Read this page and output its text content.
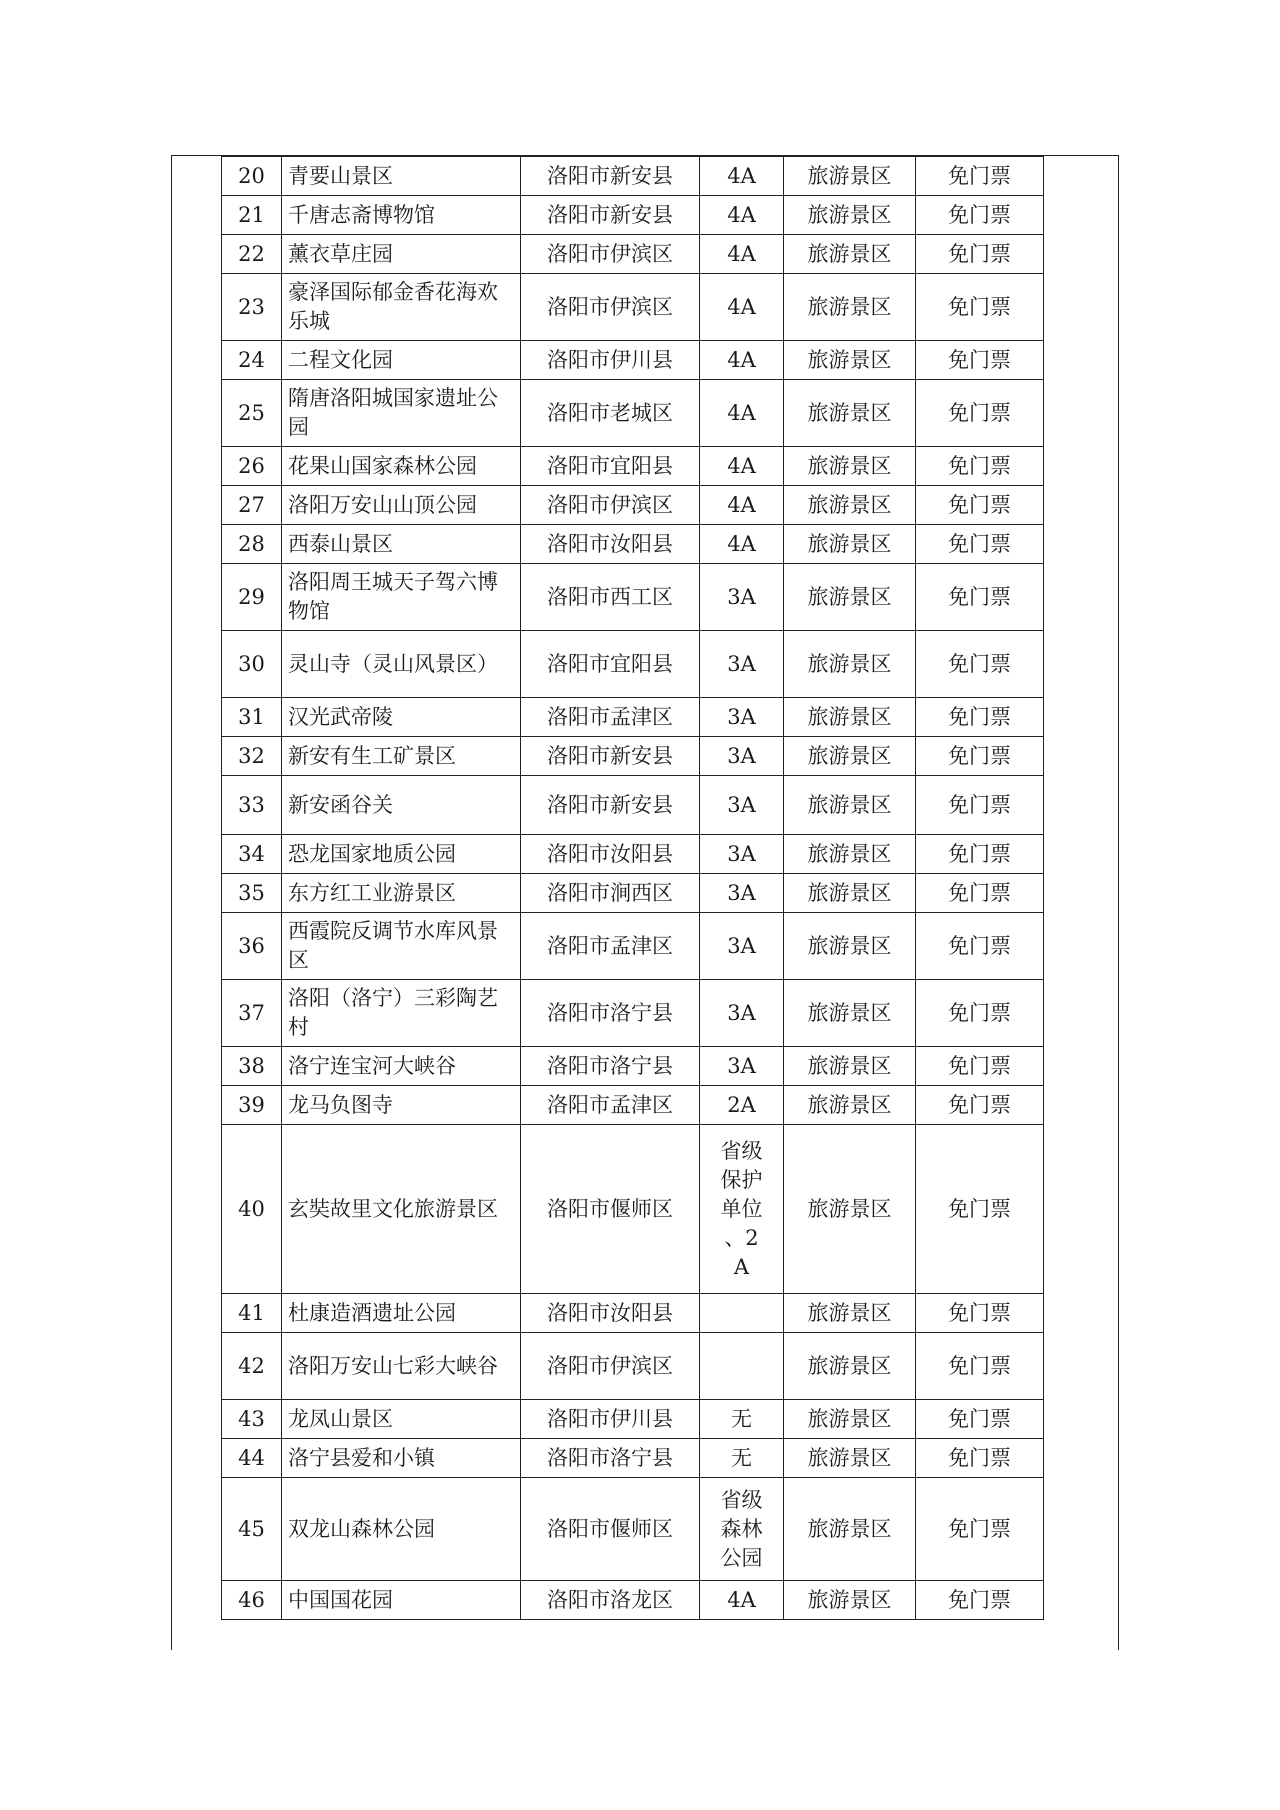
20	青要山景区	洛阳市新安县	4A	旅游景区	免门票
21	千唐志斋博物馆	洛阳市新安县	4A	旅游景区	免门票
22	薰衣草庄园	洛阳市伊滨区	4A	旅游景区	免门票
23	豪泽国际郁金香花海欢乐城	洛阳市伊滨区	4A	旅游景区	免门票
24	二程文化园	洛阳市伊川县	4A	旅游景区	免门票
25	隋唐洛阳城国家遗址公园	洛阳市老城区	4A	旅游景区	免门票
26	花果山国家森林公园	洛阳市宜阳县	4A	旅游景区	免门票
27	洛阳万安山山顶公园	洛阳市伊滨区	4A	旅游景区	免门票
28	西泰山景区	洛阳市汝阳县	4A	旅游景区	免门票
29	洛阳周王城天子驾六博物馆	洛阳市西工区	3A	旅游景区	免门票
30	灵山寺（灵山风景区）	洛阳市宜阳县	3A	旅游景区	免门票
31	汉光武帝陵	洛阳市孟津区	3A	旅游景区	免门票
32	新安有生工矿景区	洛阳市新安县	3A	旅游景区	免门票
33	新安函谷关	洛阳市新安县	3A	旅游景区	免门票
34	恐龙国家地质公园	洛阳市汝阳县	3A	旅游景区	免门票
35	东方红工业游景区	洛阳市涧西区	3A	旅游景区	免门票
36	西霞院反调节水库风景区	洛阳市孟津区	3A	旅游景区	免门票
37	洛阳（洛宁）三彩陶艺村	洛阳市洛宁县	3A	旅游景区	免门票
38	洛宁连宝河大峡谷	洛阳市洛宁县	3A	旅游景区	免门票
39	龙马负图寺	洛阳市孟津区	2A	旅游景区	免门票
40	玄奘故里文化旅游景区	洛阳市偃师区	省级
保护
单位
、2
A	旅游景区	免门票
41	杜康造酒遗址公园	洛阳市汝阳县		旅游景区	免门票
42	洛阳万安山七彩大峡谷	洛阳市伊滨区		旅游景区	免门票
43	龙凤山景区	洛阳市伊川县	无	旅游景区	免门票
44	洛宁县爱和小镇	洛阳市洛宁县	无	旅游景区	免门票
45	双龙山森林公园	洛阳市偃师区	省级
森林
公园	旅游景区	免门票
46	中国国花园	洛阳市洛龙区	4A	旅游景区	免门票
